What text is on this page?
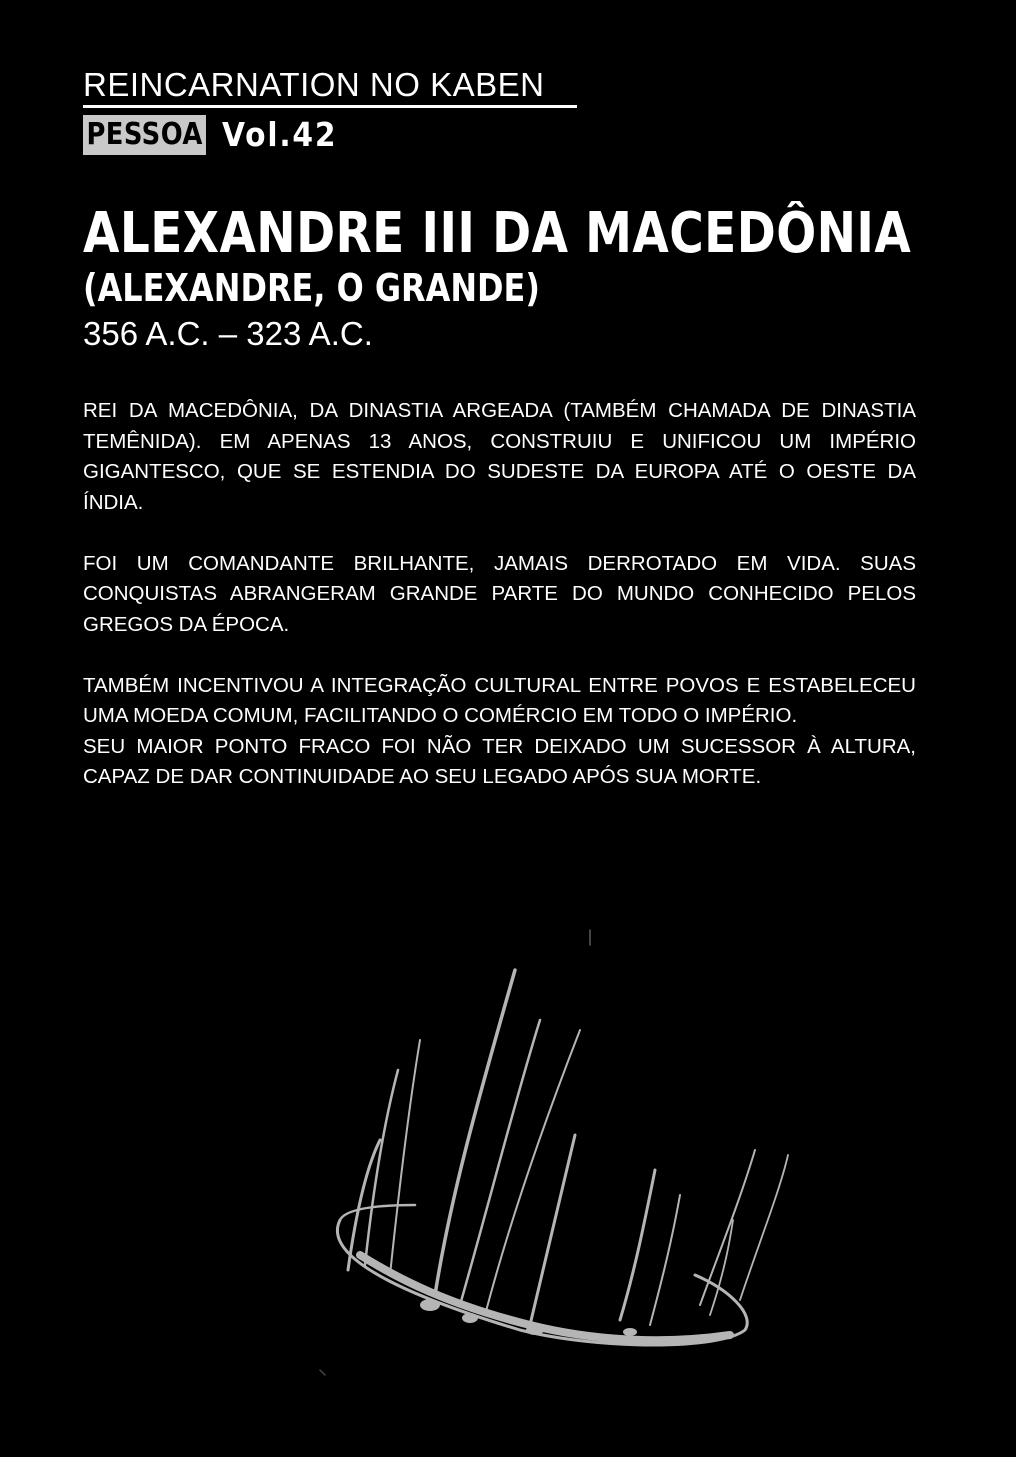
REINCARNATION NO KABEN
PESSOA Vol.42
ALEXANDRE III DA MACEDÔNIA
(ALEXANDRE, O GRANDE)
356 A.C. – 323 A.C.

REI DA MACEDÔNIA, DA DINASTIA ARGEADA (TAMBÉM CHAMADA DE DINASTIA TEMÊNIDA). EM APENAS 13 ANOS, CONSTRUIU E UNIFICOU UM IMPÉRIO GIGANTESCO, QUE SE ESTENDIA DO SUDESTE DA EUROPA ATÉ O OESTE DA ÍNDIA.

FOI UM COMANDANTE BRILHANTE, JAMAIS DERROTADO EM VIDA. SUAS CONQUISTAS ABRANGERAM GRANDE PARTE DO MUNDO CONHECIDO PELOS GREGOS DA ÉPOCA.

TAMBÉM INCENTIVOU A INTEGRAÇÃO CULTURAL ENTRE POVOS E ESTABELECEU UMA MOEDA COMUM, FACILITANDO O COMÉRCIO EM TODO O IMPÉRIO.

SEU MAIOR PONTO FRACO FOI NÃO TER DEIXADO UM SUCESSOR À ALTURA, CAPAZ DE DAR CONTINUIDADE AO SEU LEGADO APÓS SUA MORTE.
